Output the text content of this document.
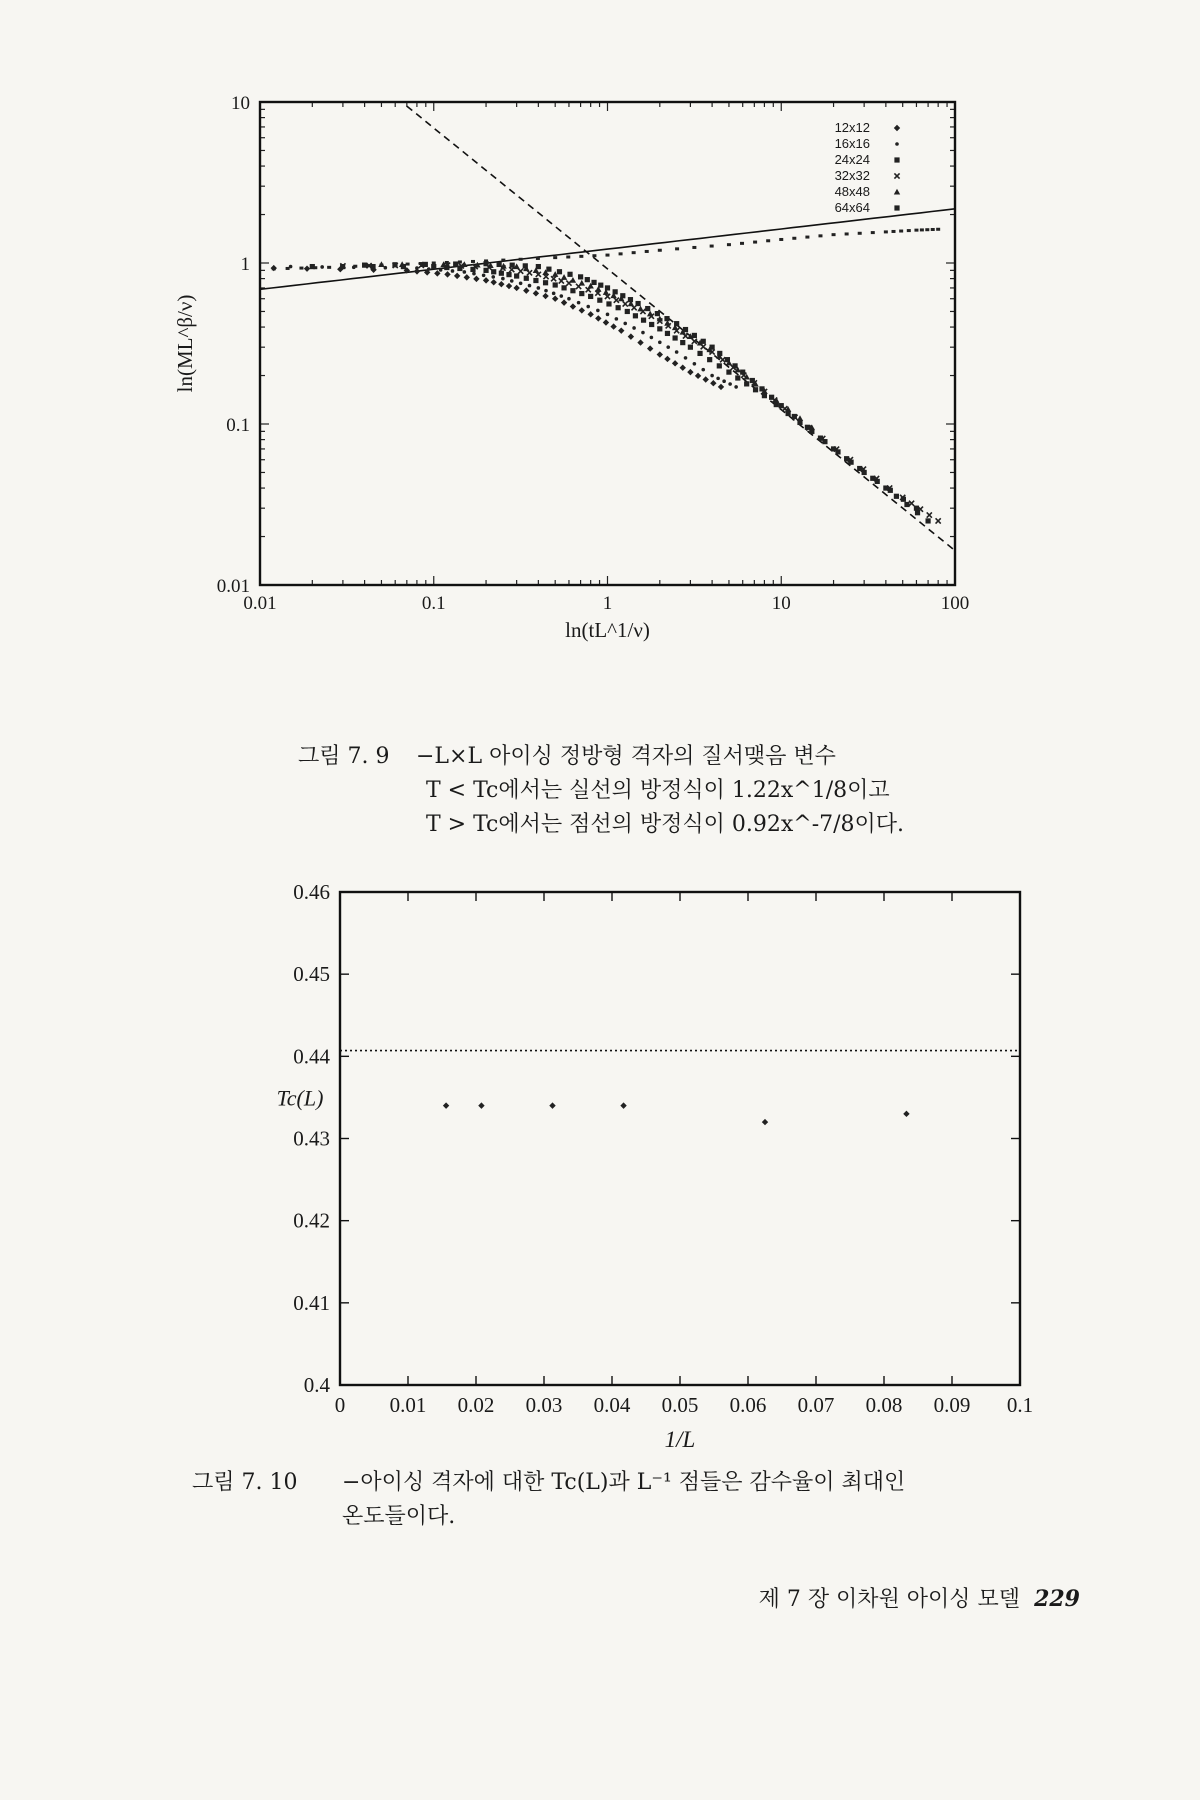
0.01	0.1	1	10	100
0.01
0.1
1
10
ln(tL^1/ν)
ln(ML^β/ν)
12x12
16x16
24x24
32x32
48x48
64x64
그림 7. 9 −L×L 아이싱 정방형 격자의 질서맺음 변수
T < Tc에서는 실선의 방정식이 1.22x^1/8이고
T > Tc에서는 점선의 방정식이 0.92x^-7/8이다.
0 0.01 0.02 0.03 0.04 0.05 0.06 0.07 0.08 0.09 0.1
0.4
0.41
0.42
0.43
0.44
0.45
0.46
1/L
Tc(L)
그림 7. 10 −아이싱 격자에 대한 Tc(L)과 L⁻¹ 점들은 감수율이 최대인
온도들이다.
제 7 장 이차원 아이싱 모델 229
